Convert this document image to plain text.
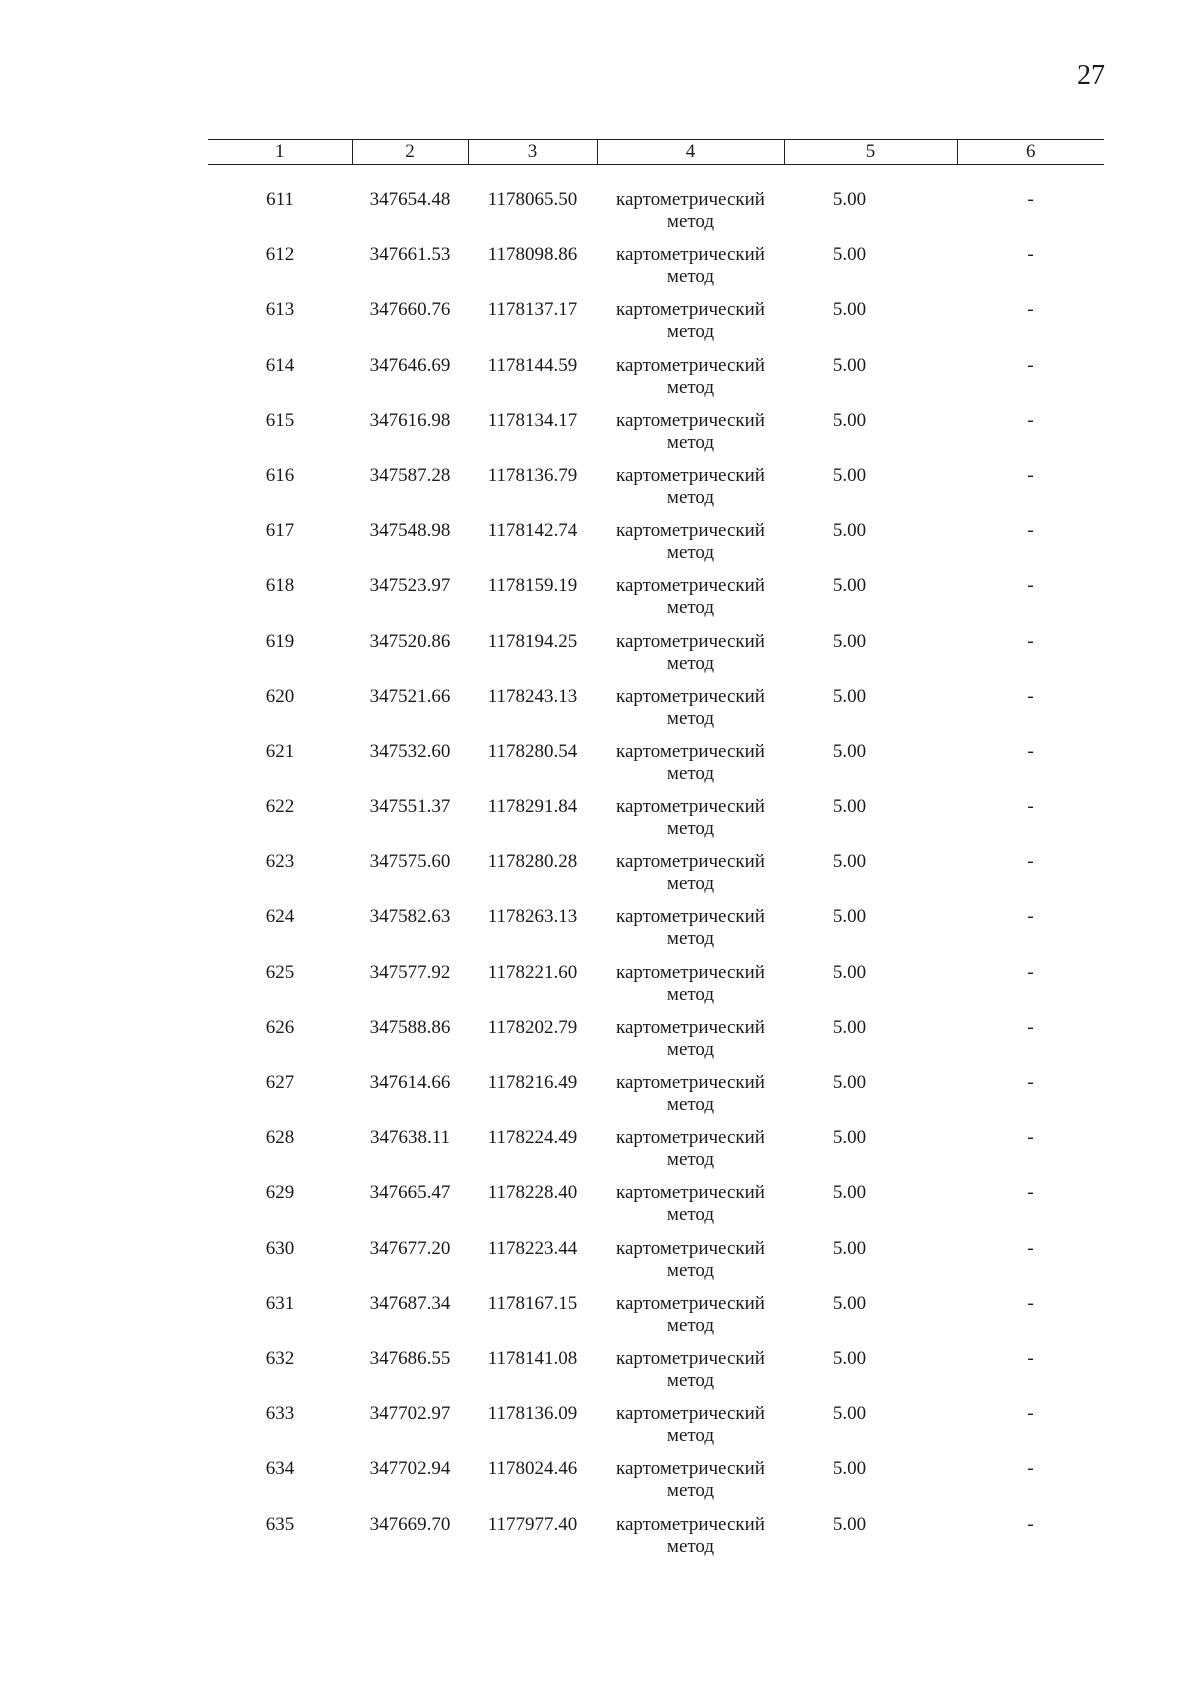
27
1	2	3	4	5	6

611	347654.48	1178065.50	картометрический
метод	5.00	-
612	347661.53	1178098.86	картометрический
метод	5.00	-
613	347660.76	1178137.17	картометрический
метод	5.00	-
614	347646.69	1178144.59	картометрический
метод	5.00	-
615	347616.98	1178134.17	картометрический
метод	5.00	-
616	347587.28	1178136.79	картометрический
метод	5.00	-
617	347548.98	1178142.74	картометрический
метод	5.00	-
618	347523.97	1178159.19	картометрический
метод	5.00	-
619	347520.86	1178194.25	картометрический
метод	5.00	-
620	347521.66	1178243.13	картометрический
метод	5.00	-
621	347532.60	1178280.54	картометрический
метод	5.00	-
622	347551.37	1178291.84	картометрический
метод	5.00	-
623	347575.60	1178280.28	картометрический
метод	5.00	-
624	347582.63	1178263.13	картометрический
метод	5.00	-
625	347577.92	1178221.60	картометрический
метод	5.00	-
626	347588.86	1178202.79	картометрический
метод	5.00	-
627	347614.66	1178216.49	картометрический
метод	5.00	-
628	347638.11	1178224.49	картометрический
метод	5.00	-
629	347665.47	1178228.40	картометрический
метод	5.00	-
630	347677.20	1178223.44	картометрический
метод	5.00	-
631	347687.34	1178167.15	картометрический
метод	5.00	-
632	347686.55	1178141.08	картометрический
метод	5.00	-
633	347702.97	1178136.09	картометрический
метод	5.00	-
634	347702.94	1178024.46	картометрический
метод	5.00	-
635	347669.70	1177977.40	картометрический
метод	5.00	-
